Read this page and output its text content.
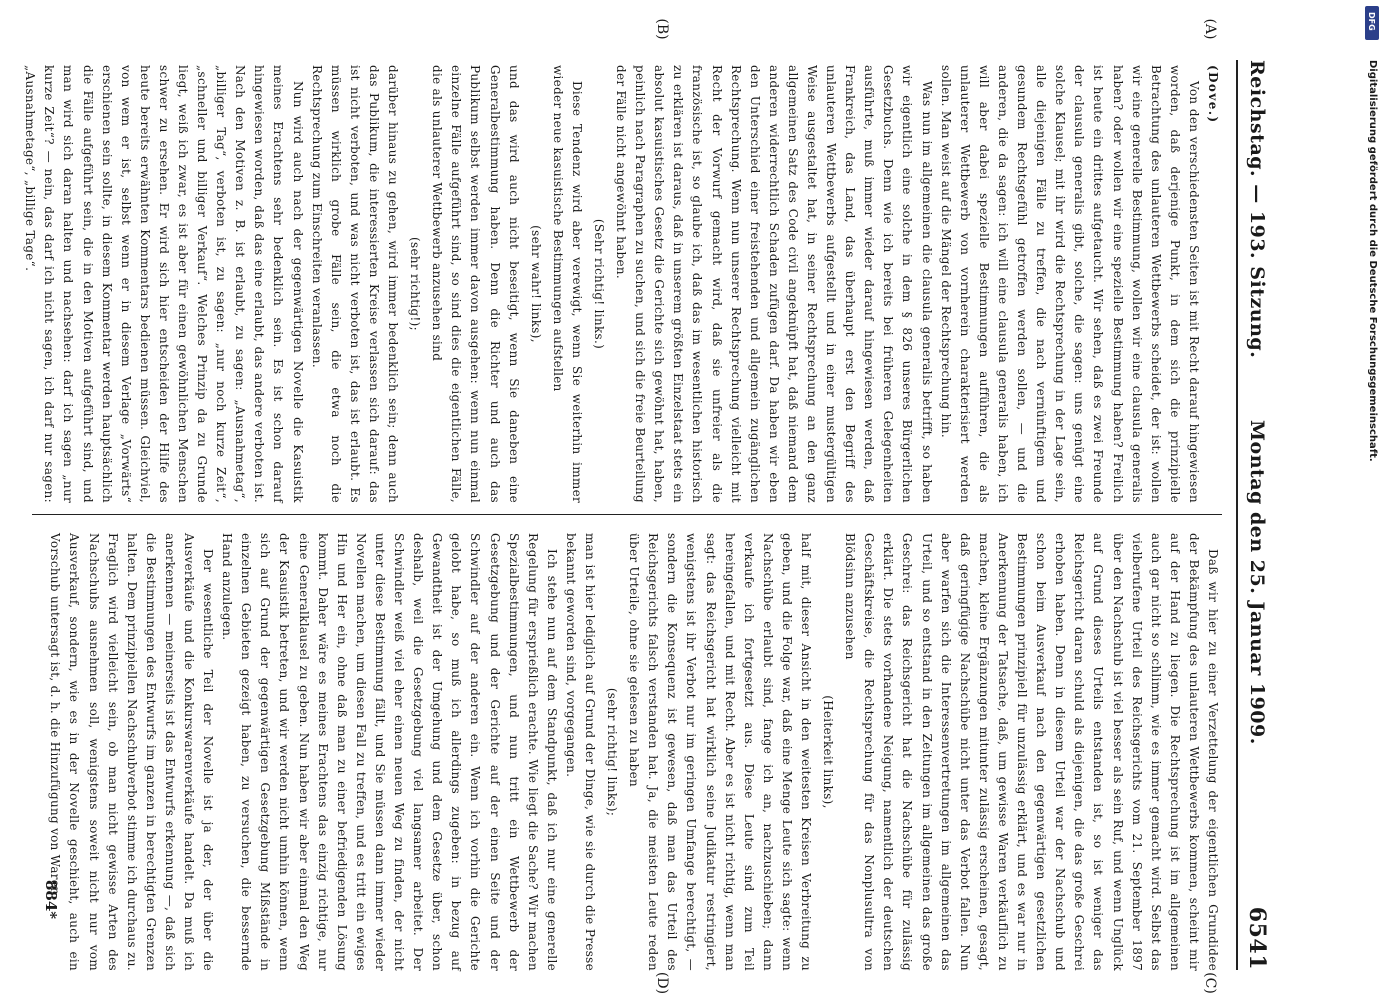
Reichstag. — 193. Sitzung.
Montag den 25. Januar 1909.
6541
(A)
(B)
(C)
(D)

(Dove.)

Von den verschiedensten Seiten ist mit Recht darauf hingewiesen worden, daß derjenige Punkt, in dem sich die prinzipielle Betrachtung des unlauteren Wettbewerbs scheidet, der ist: wollen wir eine generelle Bestimmung, wollen wir eine clausula generalis haben? oder wollen wir eine spezielle Bestimmung haben? Freilich ist heute ein drittes aufgetaucht. Wir sehen, daß es zwei Freunde der clausula generalis gibt, solche, die sagen: uns genügt eine solche Klausel; mit ihr wird die Rechtsprechung in der Lage sein, alle diejenigen Fälle zu treffen, die nach vernünftigem und gesundem Rechtsgefühl getroffen werden sollen, — und die anderen, die da sagen: ich will eine clausula generalis haben, ich will aber dabei spezielle Bestimmungen aufführen, die als unlauterer Wettbewerb von vornherein charakterisiert werden sollen. Man weist auf die Mängel der Rechtsprechung hin.

Was nun im allgemeinen die clausula generalis betrifft, so haben wir eigentlich eine solche in dem § 826 unseres Bürgerlichen Gesetzbuchs. Denn wie ich bereits bei früheren Gelegenheiten ausführte, muß immer wieder darauf hingewiesen werden, daß Frankreich, das Land, das überhaupt erst den Begriff des unlauteren Wettbewerbs aufgestellt und in einer mustergültigen Weise ausgestaltet hat, in seiner Rechtsprechung an den ganz allgemeinen Satz des Code civil angeknüpft hat, daß niemand dem anderen widerrechtlich Schaden zufügen darf. Da haben wir eben den Unterschied einer freistehenden und allgemein zugänglichen Rechtsprechung. Wenn nun unserer Rechtsprechung vielleicht mit Recht der Vorwurf gemacht wird, daß sie unfreier als die französische ist, so glaube ich, daß das im wesentlichen historisch zu erklären ist daraus, daß in unserem größten Einzelstaat stets ein absolut kasuistisches Gesetz die Gerichte sich gewöhnt hat, haben, peinlich nach Paragraphen zu suchen, und sich die freie Beurteilung der Fälle nicht angewöhnt haben.

(Sehr richtig! links.)

Diese Tendenz wird aber verewigt, wenn Sie weiterhin immer wieder neue kasuistische Bestimmungen aufstellen

(sehr wahr! links),

und das wird auch nicht beseitigt, wenn Sie daneben eine Generalbestimmung haben. Denn die Richter und auch das Publikum selbst werden immer davon ausgehen: wenn nun einmal einzelne Fälle aufgeführt sind, so sind dies die eigentlichen Fälle, die als unlauterer Wettbewerb anzusehen sind

(sehr richtig!);

darüber hinaus zu gehen, wird immer bedenklich sein; denn auch das Publikum, die interessierten Kreise verlassen sich darauf: das ist nicht verboten, und was nicht verboten ist, das ist erlaubt. Es müssen wirklich grobe Fälle sein, die etwa noch die Rechtsprechung zum Einschreiten veranlassen.

Nun wird auch nach der gegenwärtigen Novelle die Kasuistik meines Erachtens sehr bedenklich sein. Es ist schon darauf hingewiesen worden, daß das eine erlaubt, das andere verboten ist. Nach den Motiven z. B. ist erlaubt, zu sagen: „Ausnahmetag“, „billiger Tag“, verboten ist, zu sagen: „nur noch kurze Zeit“, „schneller und billiger Verkauf“. Welches Prinzip da zu Grunde liegt, weiß ich zwar, es ist aber für einen gewöhnlichen Menschen schwer zu ersehen. Er wird sich hier entscheiden der Hilfe des heute bereits erwähnten Kommentars bedienen müssen. Gleichviel, von wem er ist, selbst wenn er in diesem Verlage „Vorwärts“ erschienen sein sollte, in diesem Kommentar werden hauptsächlich die Fälle aufgeführt sein, die in den Motiven aufgeführt sind, und man wird sich daran halten und nachsehen: darf ich sagen „nur kurze Zeit“? — nein, das darf ich nicht sagen, ich darf nur sagen: „Ausnahmetage“, „billige Tage“.

Daß wir hier zu einer Verzettelung der eigentlichen Grundidee der Bekämpfung des unlauteren Wettbewerbs kommen, scheint mir auf der Hand zu liegen. Die Rechtsprechung ist im allgemeinen auch gar nicht so schlimm, wie es immer gemacht wird. Selbst das vielberufene Urteil des Reichsgerichts vom 21. September 1897 über den Nachschub ist viel besser als sein Ruf, und wenn Unglück auf Grund dieses Urteils entstanden ist, so ist weniger das Reichsgericht daran schuld als diejenigen, die das große Geschrei erhoben haben. Denn in diesem Urteil war der Nachschub und schon beim Ausverkauf nach den gegenwärtigen gesetzlichen Bestimmungen prinzipiell für unzulässig erklärt, und es war nur in Anerkennung der Tatsache, daß, um gewisse Waren verkäuflich zu machen, kleine Ergänzungen mitunter zulässig erscheinen, gesagt, daß geringfügige Nachschübe nicht unter das Verbot fallen. Nun aber warfen sich die Interessenvertretungen im allgemeinen das Urteil, und so entstand in den Zeitungen im allgemeinen das große Geschrei: das Reichsgericht hat die Nachschübe für zulässig erklärt. Die stets vorhandene Neigung, namentlich der deutschen Geschäftskreise, die Rechtsprechung für das Nonplusultra von Blödsinn anzusehen

(Heiterkeit links),

half mit, dieser Ansicht in den weitesten Kreisen Verbreitung zu geben, und die Folge war, daß eine Menge Leute sich sagte: wenn Nachschübe erlaubt sind, fange ich an, nachzuschieben; dann verkaufe ich fortgesetzt aus. Diese Leute sind zum Teil hereingefallen, und mit Recht. Aber es ist nicht richtig, wenn man sagt: das Reichsgericht hat wirklich seine Judikatur restringiert, wenigstens ist ihr Verbot nur im geringen Umfange berechtigt, — sondern die Konsequenz ist gewesen, daß man das Urteil des Reichsgerichts falsch verstanden hat. Ja, die meisten Leute reden über Urteile, ohne sie gelesen zu haben

(sehr richtig! links);

man ist hier lediglich auf Grund der Dinge, wie sie durch die Presse bekannt geworden sind, vorgegangen.

Ich stehe nun auf dem Standpunkt, daß ich nur eine generelle Regelung für ersprießlich erachte. Wie liegt die Sache? Wir machen Spezialbestimmungen, und nun tritt ein Wettbewerb der Gesetzgebung und der Gerichte auf der einen Seite und der Schwindler auf der anderen ein. Wenn ich vorhin die Gerichte gelobt habe, so muß ich allerdings zugeben: in bezug auf Gewandtheit ist der Umgehung und dem Gesetze über, schon deshalb, weil die Gesetzgebung viel langsamer arbeitet. Der Schwindler weiß viel eher einen neuen Weg zu finden, der nicht unter diese Bestimmung fällt, und Sie müssen dann immer wieder Novellen machen, um diesen Fall zu treffen, und es tritt ein ewiges Hin und Her ein, ohne daß man zu einer befriedigenden Lösung kommt. Daher wäre es meines Erachtens das einzig richtige, nur eine Generalklausel zu geben. Nun haben wir aber einmal den Weg der Kasuistik betreten, und wir werden nicht umhin können, wenn sich auf Grund der gegenwärtigen Gesetzgebung Mißstände in einzelnen Gebieten gezeigt haben, zu versuchen, die bessernde Hand anzulegen.

Der wesentliche Teil der Novelle ist ja der, der über die Ausverkäufe und die Konkurswarenverkäufe handelt. Da muß ich anerkennen — meinerseits ist das Entwurfs erkennung —, daß sich die Bestimmungen des Entwurfs im ganzen in berechtigten Grenzen halten. Dem prinzipiellen Nachschubverbot stimme ich durchaus zu. Fraglich wird vielleicht sein, ob man nicht gewisse Arten des Nachschubs ausnehmen soll, wenigstens soweit nicht nur vom Ausverkauf, sondern, wie es in der Novelle geschieht, auch ein Vorschub untersagt ist, d. h. die Hinzufügung von Waren

884*
DFG
Digitalisierung gefördert durch die Deutsche Forschungsgemeinschaft.
